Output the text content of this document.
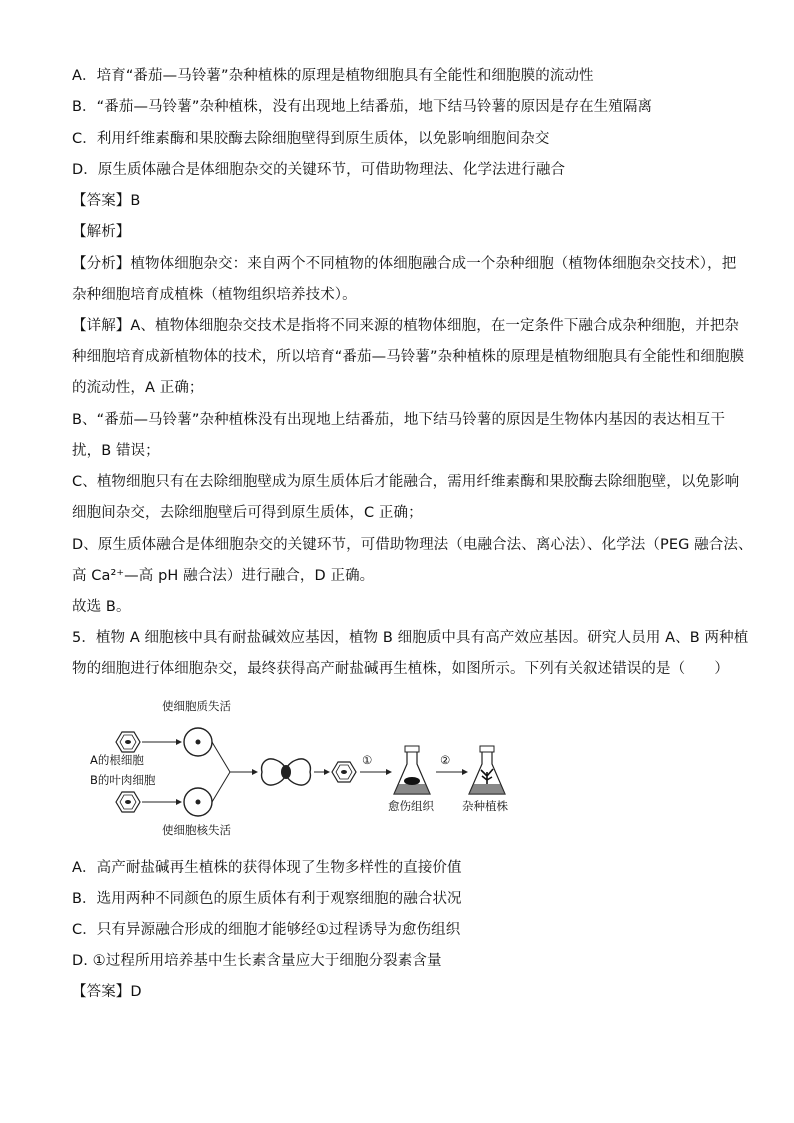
A．培育“番茄—马铃薯”杂种植株的原理是植物细胞具有全能性和细胞膜的流动性
B．“番茄—马铃薯”杂种植株，没有出现地上结番茄，地下结马铃薯的原因是存在生殖隔离
C．利用纤维素酶和果胶酶去除细胞壁得到原生质体，以免影响细胞间杂交
D．原生质体融合是体细胞杂交的关键环节，可借助物理法、化学法进行融合
【答案】B
【解析】
【分析】植物体细胞杂交：来自两个不同植物的体细胞融合成一个杂种细胞（植物体细胞杂交技术），把
杂种细胞培育成植株（植物组织培养技术）。
【详解】A、植物体细胞杂交技术是指将不同来源的植物体细胞，在一定条件下融合成杂种细胞，并把杂
种细胞培育成新植物体的技术，所以培育“番茄—马铃薯”杂种植株的原理是植物细胞具有全能性和细胞膜
的流动性，A 正确；
B、“番茄—马铃薯”杂种植株没有出现地上结番茄，地下结马铃薯的原因是生物体内基因的表达相互干
扰，B 错误；
C、植物细胞只有在去除细胞壁成为原生质体后才能融合，需用纤维素酶和果胶酶去除细胞壁，以免影响
细胞间杂交，去除细胞壁后可得到原生质体，C 正确；
D、原生质体融合是体细胞杂交的关键环节，可借助物理法（电融合法、离心法）、化学法（PEG 融合法、
高 Ca²⁺—高 pH 融合法）进行融合，D 正确。
故选 B。
5．植物 A 细胞核中具有耐盐碱效应基因，植物 B 细胞质中具有高产效应基因。研究人员用 A、B 两种植
物的细胞进行体细胞杂交，最终获得高产耐盐碱再生植株，如图所示。下列有关叙述错误的是（　　）
使细胞质失活
A的根细胞
B的叶肉细胞
使细胞核失活
①
愈伤组织
②
杂种植株
A．高产耐盐碱再生植株的获得体现了生物多样性的直接价值
B．选用两种不同颜色的原生质体有利于观察细胞的融合状况
C．只有异源融合形成的细胞才能够经①过程诱导为愈伤组织
D. ①过程所用培养基中生长素含量应大于细胞分裂素含量
【答案】D
